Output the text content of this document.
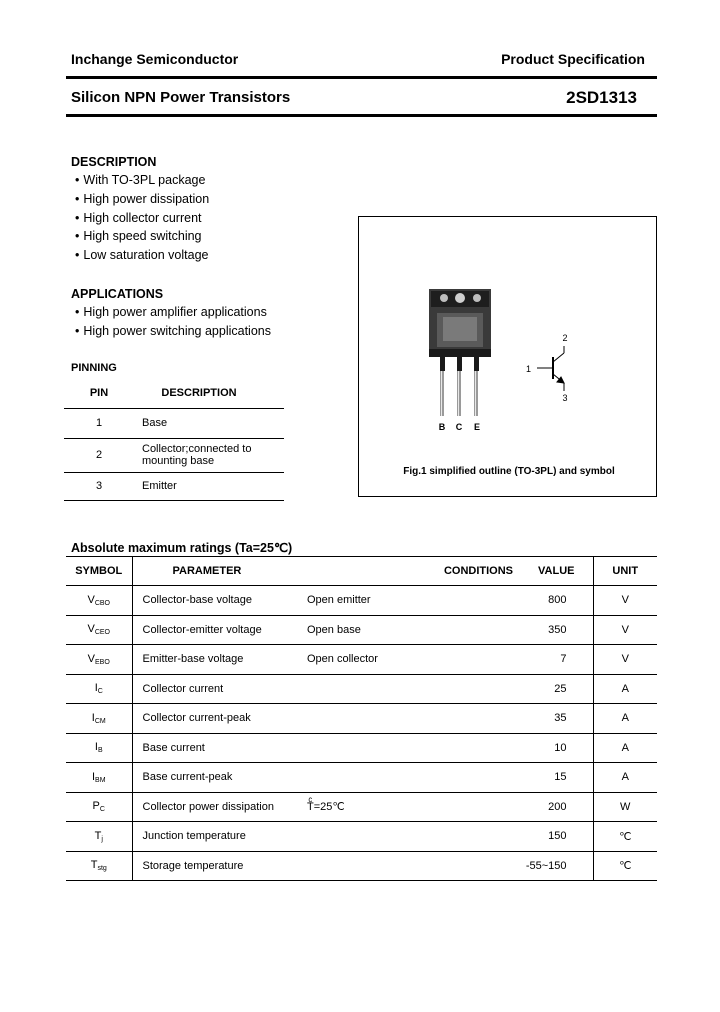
Inchange Semiconductor	Product Specification
Silicon NPN Power Transistors	2SD1313
DESCRIPTION
• With TO-3PL package
• High power dissipation
• High collector current
• High speed switching
• Low saturation voltage
APPLICATIONS
• High power amplifier applications
• High power switching applications
PINNING
PIN	DESCRIPTION
1	Base
2	Collector;connected to
mounting base

3	Emitter
B C E
1
2
3
Fig.1 simplified outline (TO-3PL) and symbol
Absolute maximum ratings (Ta=25℃)
SYMBOL	PARAMETER	CONDITIONS	VALUE	UNIT
VCBO	Collector-base voltage	Open emitter	800	V
VCEO	Collector-emitter voltage	Open base	350	V
VEBO	Emitter-base voltage	Open collector	7	V
IC	Collector current		25	A
ICM	Collector current-peak		35	A
IB	Base current		10	A
IBM	Base current-peak		15	A
PC	Collector power dissipation	Tͨ=25℃	200	W
Tj	Junction temperature		150	℃
Tstg	Storage temperature		-55~150	℃
